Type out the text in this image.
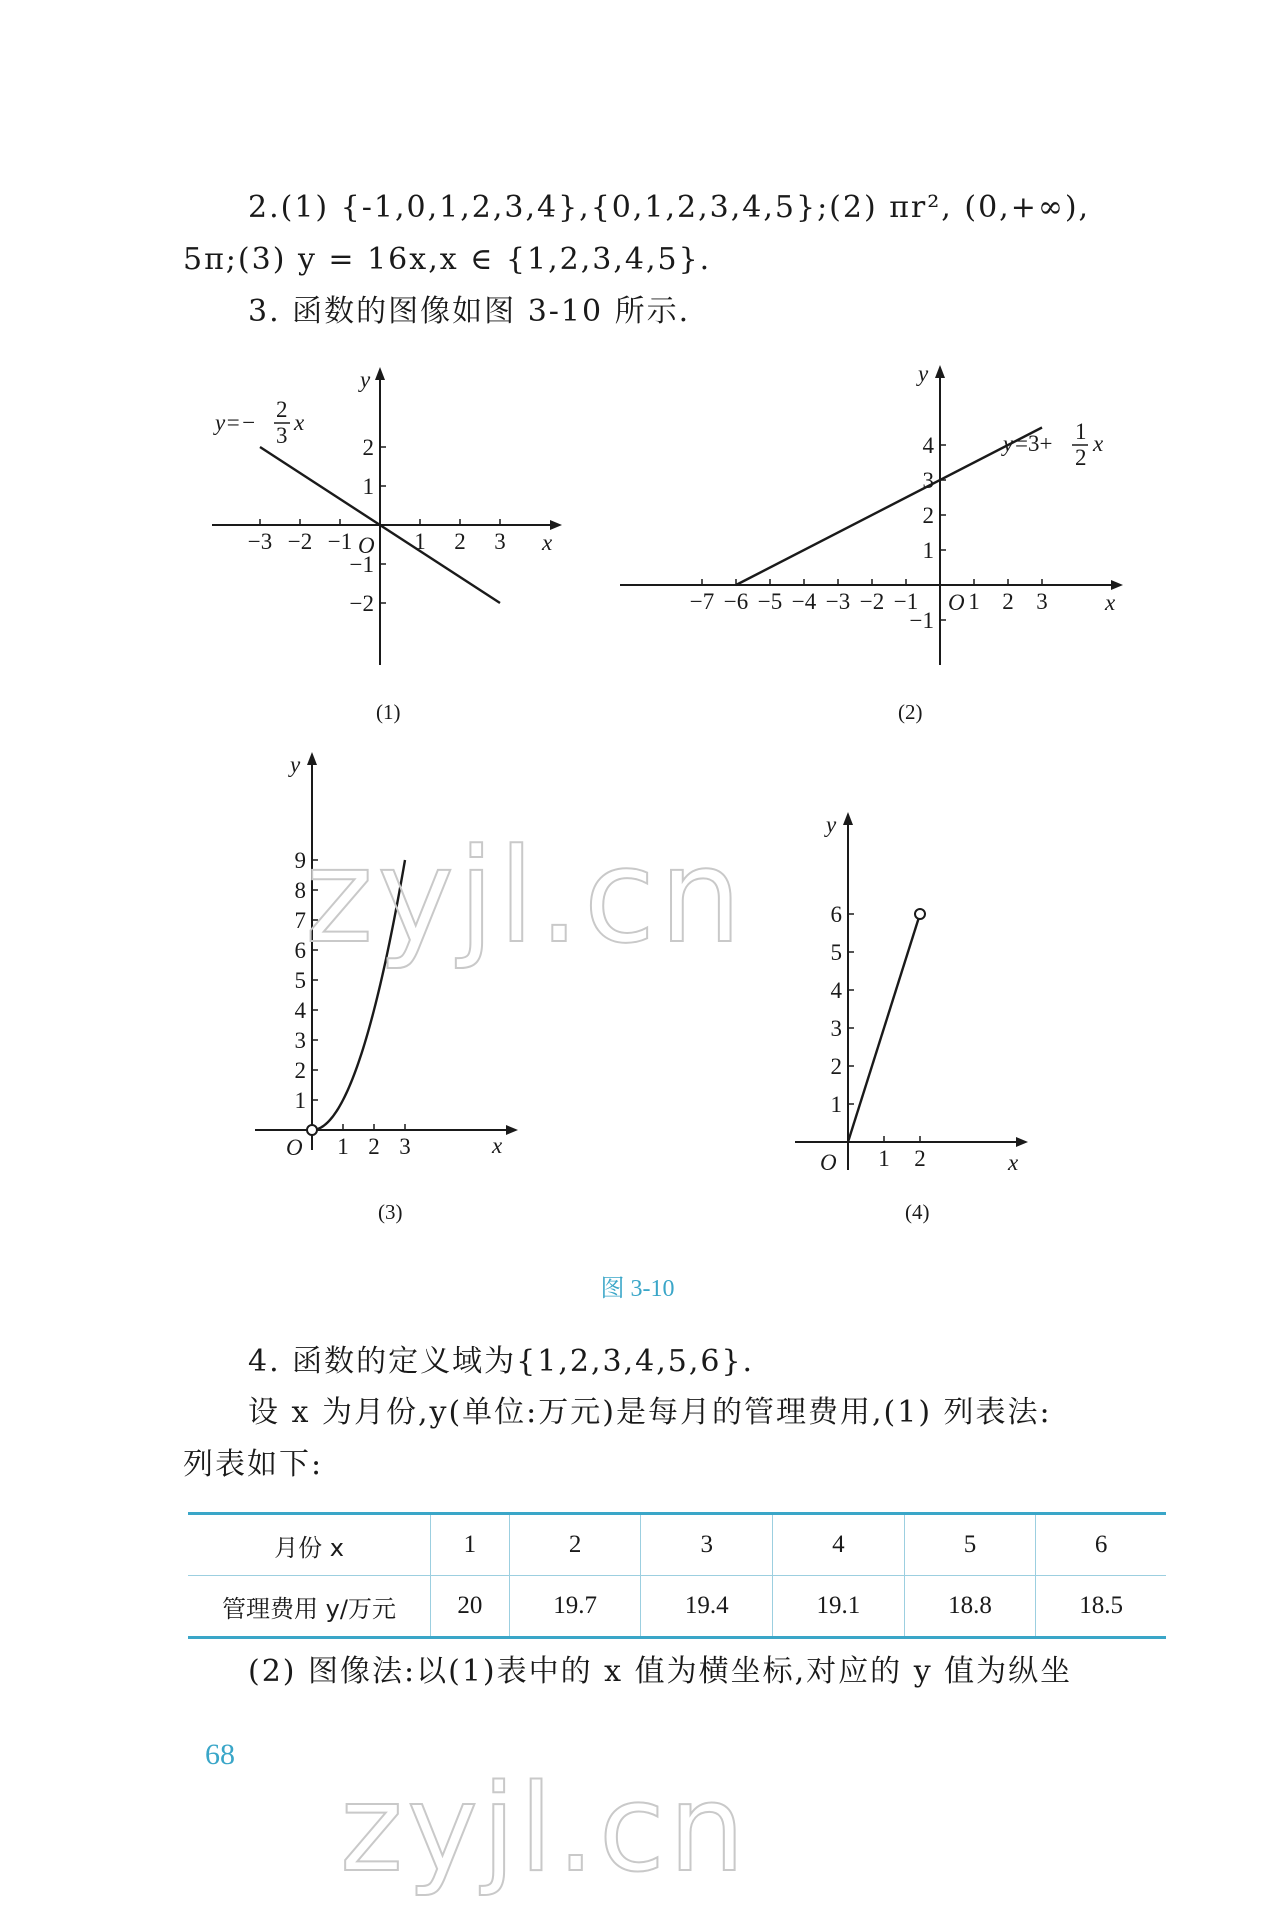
2.(1) {-1,0,1,2,3,4},{0,1,2,3,4,5};(2) πr², (0,+∞),
5π;(3) y = 16x,x ∈ {1,2,3,4,5}.
3. 函数的图像如图 3-10 所示.
−3 −2 −1	1 2 3
2
1
−1
−2
y
x
O
y=−
2
3
x
(1)
−7 −6 −5 −4 −3 −2 −1 1 2 3
4
3
2
1
−1
y
x
O
y =3+ 1
2
x
(2)
1 2 3
1
2
3
4
5
6
7
8
9
y
x
O
(3)
1 2
1
2
3
4
5
6
y
x
O
(4)
zyjl.cn
图 3-10
4. 函数的定义域为{1,2,3,4,5,6}.
设 x 为月份,y(单位:万元)是每月的管理费用,(1) 列表法:
列表如下:
月份 x	1	2	3	4	5	6
管理费用 y/万元	20	19.7	19.4	19.1	18.8	18.5
(2) 图像法:以(1)表中的 x 值为横坐标,对应的 y 值为纵坐
68
zyjl.cn
